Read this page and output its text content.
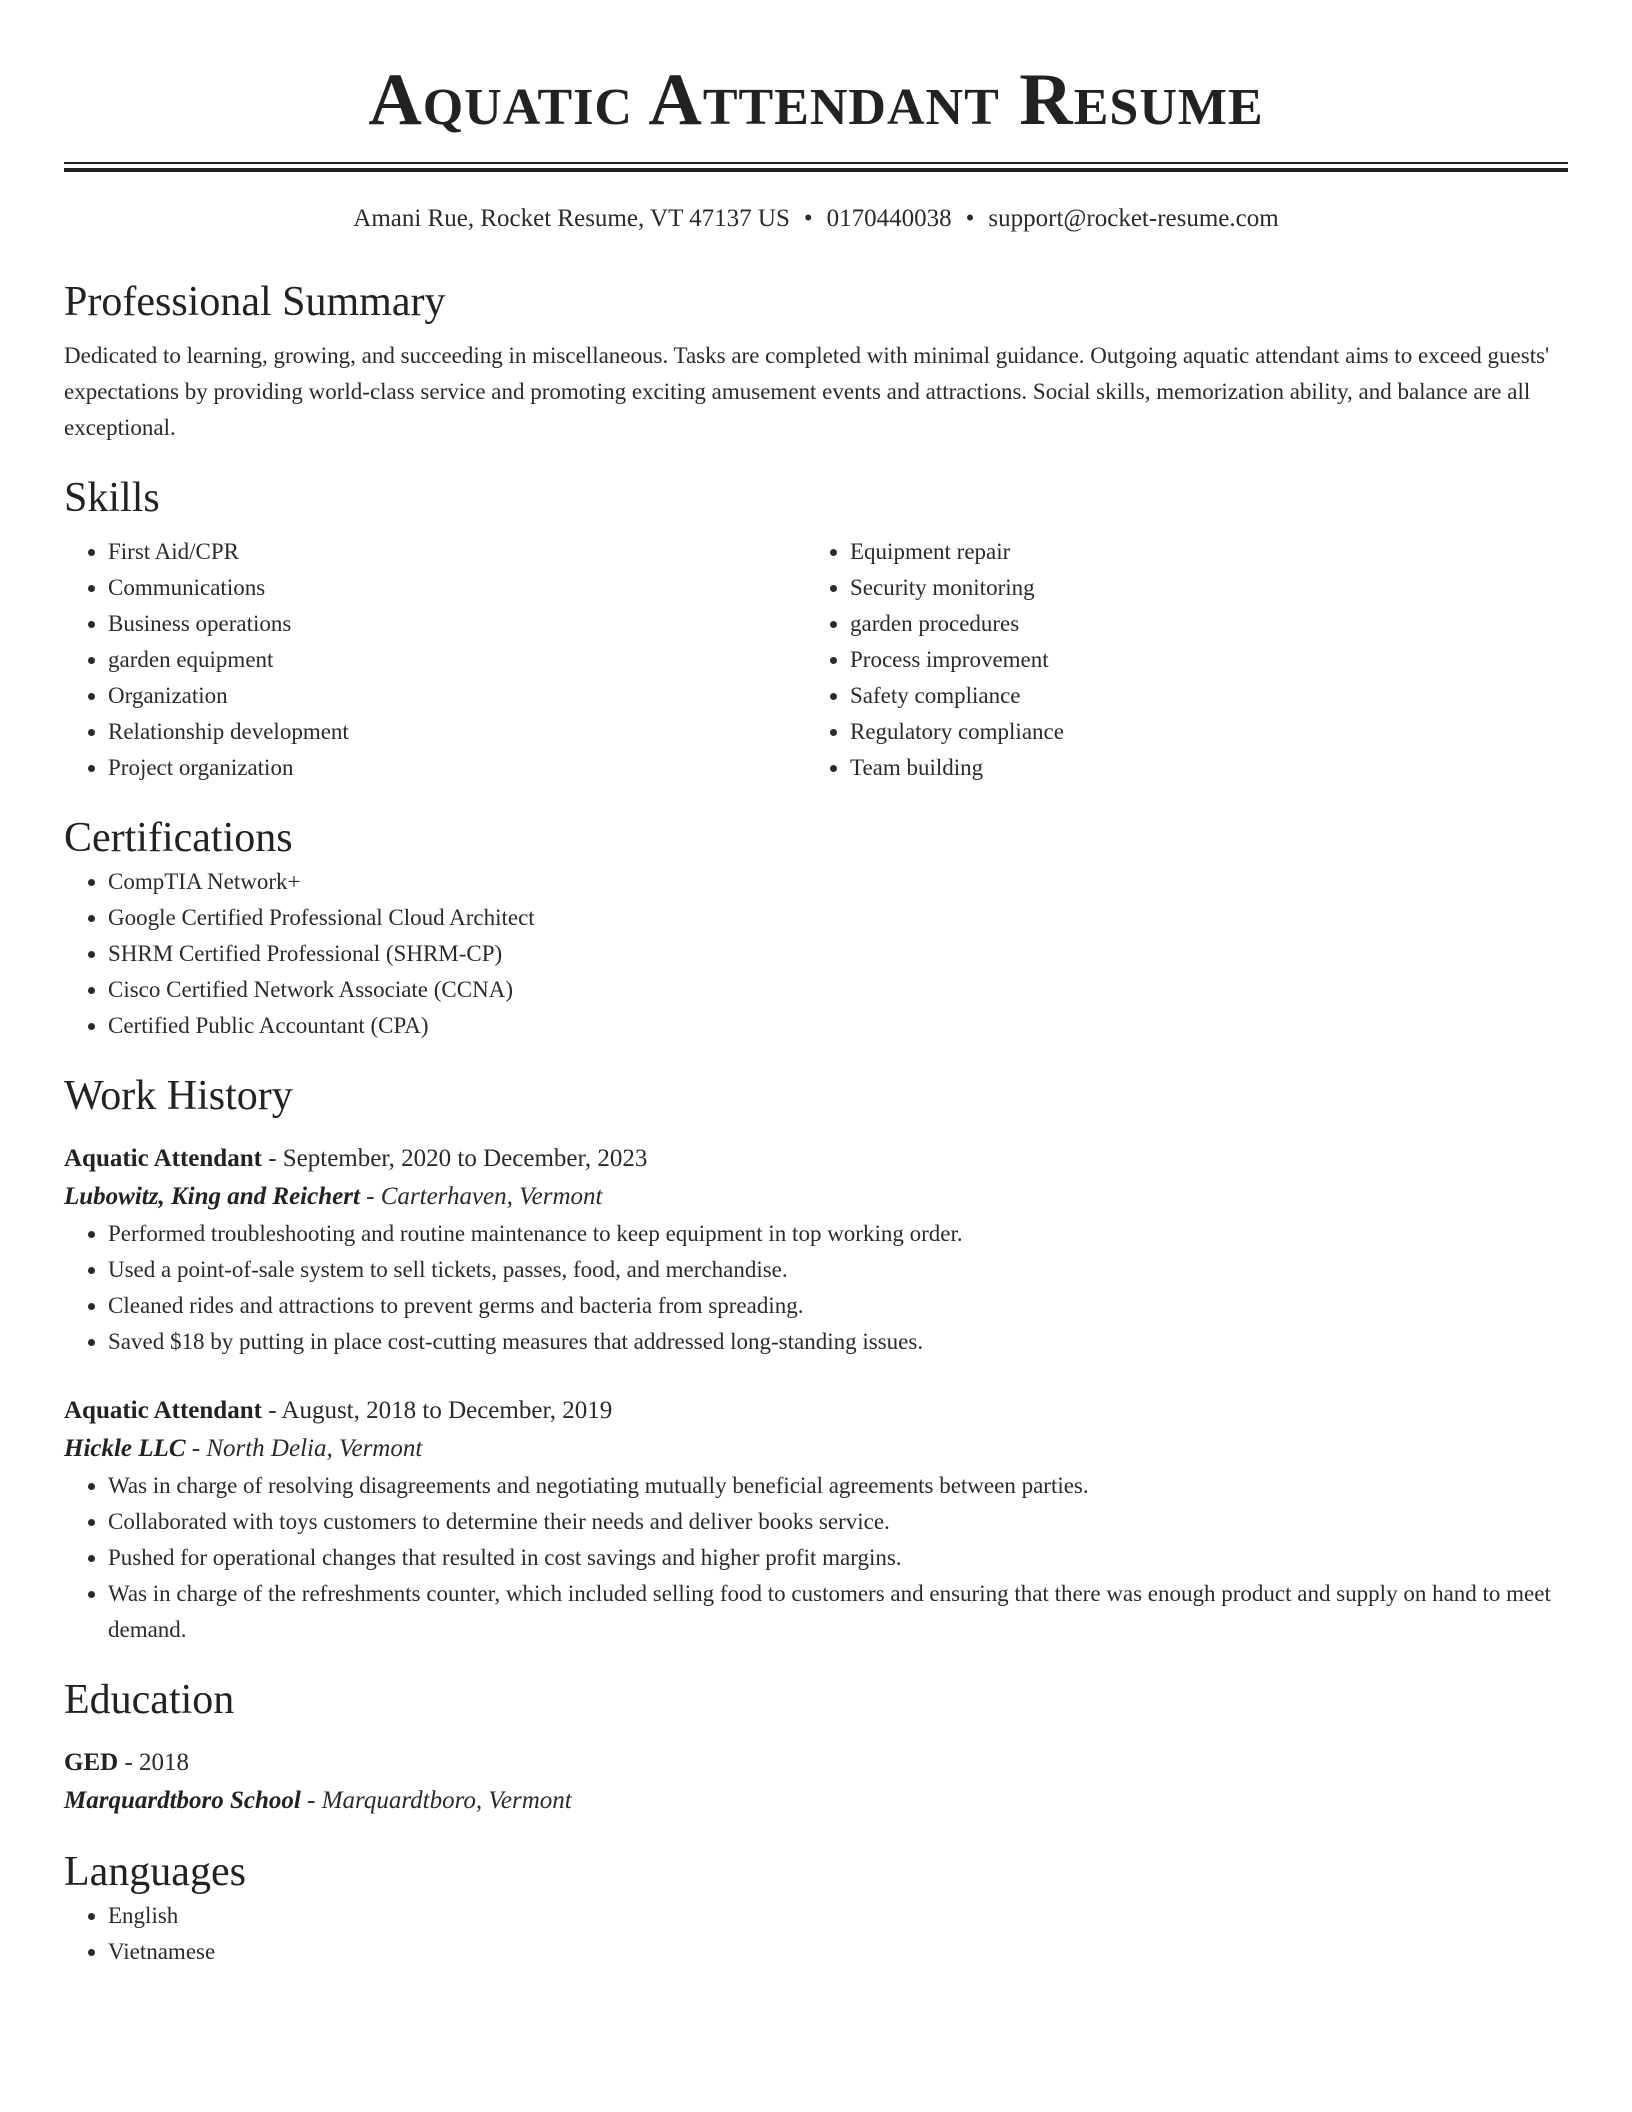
Aquatic Attendant Resume
Amani Rue, Rocket Resume, VT 47137 US • 0170440038 • support@rocket-resume.com
Professional Summary
Dedicated to learning, growing, and succeeding in miscellaneous. Tasks are completed with minimal guidance. Outgoing aquatic attendant aims to exceed guests' expectations by providing world-class service and promoting exciting amusement events and attractions. Social skills, memorization ability, and balance are all exceptional.
Skills
• First Aid/CPR
• Communications
• Business operations
• garden equipment
• Organization
• Relationship development
• Project organization
• Equipment repair
• Security monitoring
• garden procedures
• Process improvement
• Safety compliance
• Regulatory compliance
• Team building
Certifications
• CompTIA Network+
• Google Certified Professional Cloud Architect
• SHRM Certified Professional (SHRM-CP)
• Cisco Certified Network Associate (CCNA)
• Certified Public Accountant (CPA)
Work History
Aquatic Attendant - September, 2020 to December, 2023
Lubowitz, King and Reichert - Carterhaven, Vermont
• Performed troubleshooting and routine maintenance to keep equipment in top working order.
• Used a point-of-sale system to sell tickets, passes, food, and merchandise.
• Cleaned rides and attractions to prevent germs and bacteria from spreading.
• Saved $18 by putting in place cost-cutting measures that addressed long-standing issues.
Aquatic Attendant - August, 2018 to December, 2019
Hickle LLC - North Delia, Vermont
• Was in charge of resolving disagreements and negotiating mutually beneficial agreements between parties.
• Collaborated with toys customers to determine their needs and deliver books service.
• Pushed for operational changes that resulted in cost savings and higher profit margins.
• Was in charge of the refreshments counter, which included selling food to customers and ensuring that there was enough product and supply on hand to meet demand.
Education
GED - 2018
Marquardtboro School - Marquardtboro, Vermont
Languages
• English
• Vietnamese
